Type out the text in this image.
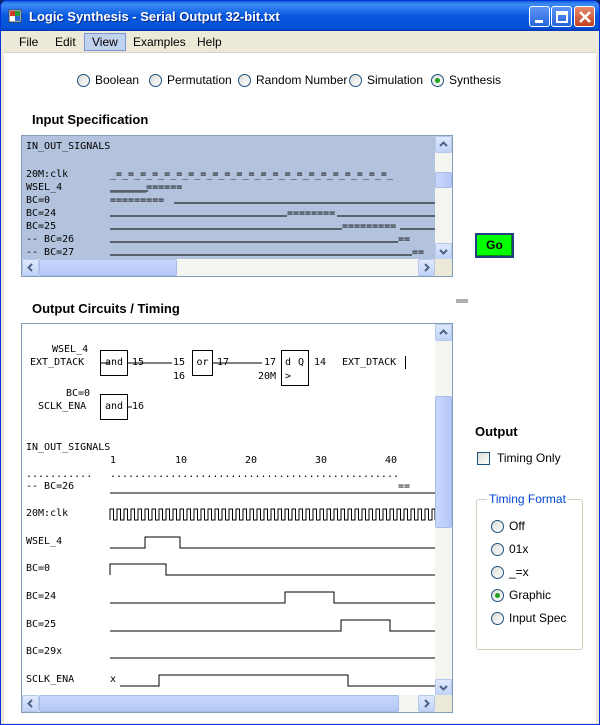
Logic Synthesis - Serial Output 32-bit.txt
File	Edit	View	Examples Help
Boolean Permutation Random Number Simulation Synthesis
Input Specification
IN_OUT_SIGNALS
20M:clk	_=_=_=_=_=_=_=_=_=_=_=_=_=_=_=_=_=_=_=_=_=_=_=_
WSEL_4	______======
BC=0	=========
BC=24	========
BC=25	=========
-- BC=26	==
-- BC=27	==
Go
Output Circuits / Timing
WSEL_4
EXT_DTACK	and 15	15
16
or 17	17
20M
d Q
>
14 EXT_DTACK
BC=0
SCLK_ENA	and 16
IN_OUT_SIGNALS
1	10	20	30	40
........... ................................................
-- BC=26	==
20M:clk
WSEL_4
BC=0
BC=24
BC=25
BC=29x
SCLK_ENA	x
Output
Timing Only
Timing Format
Off
01x
_=x
Graphic
Input Spec
